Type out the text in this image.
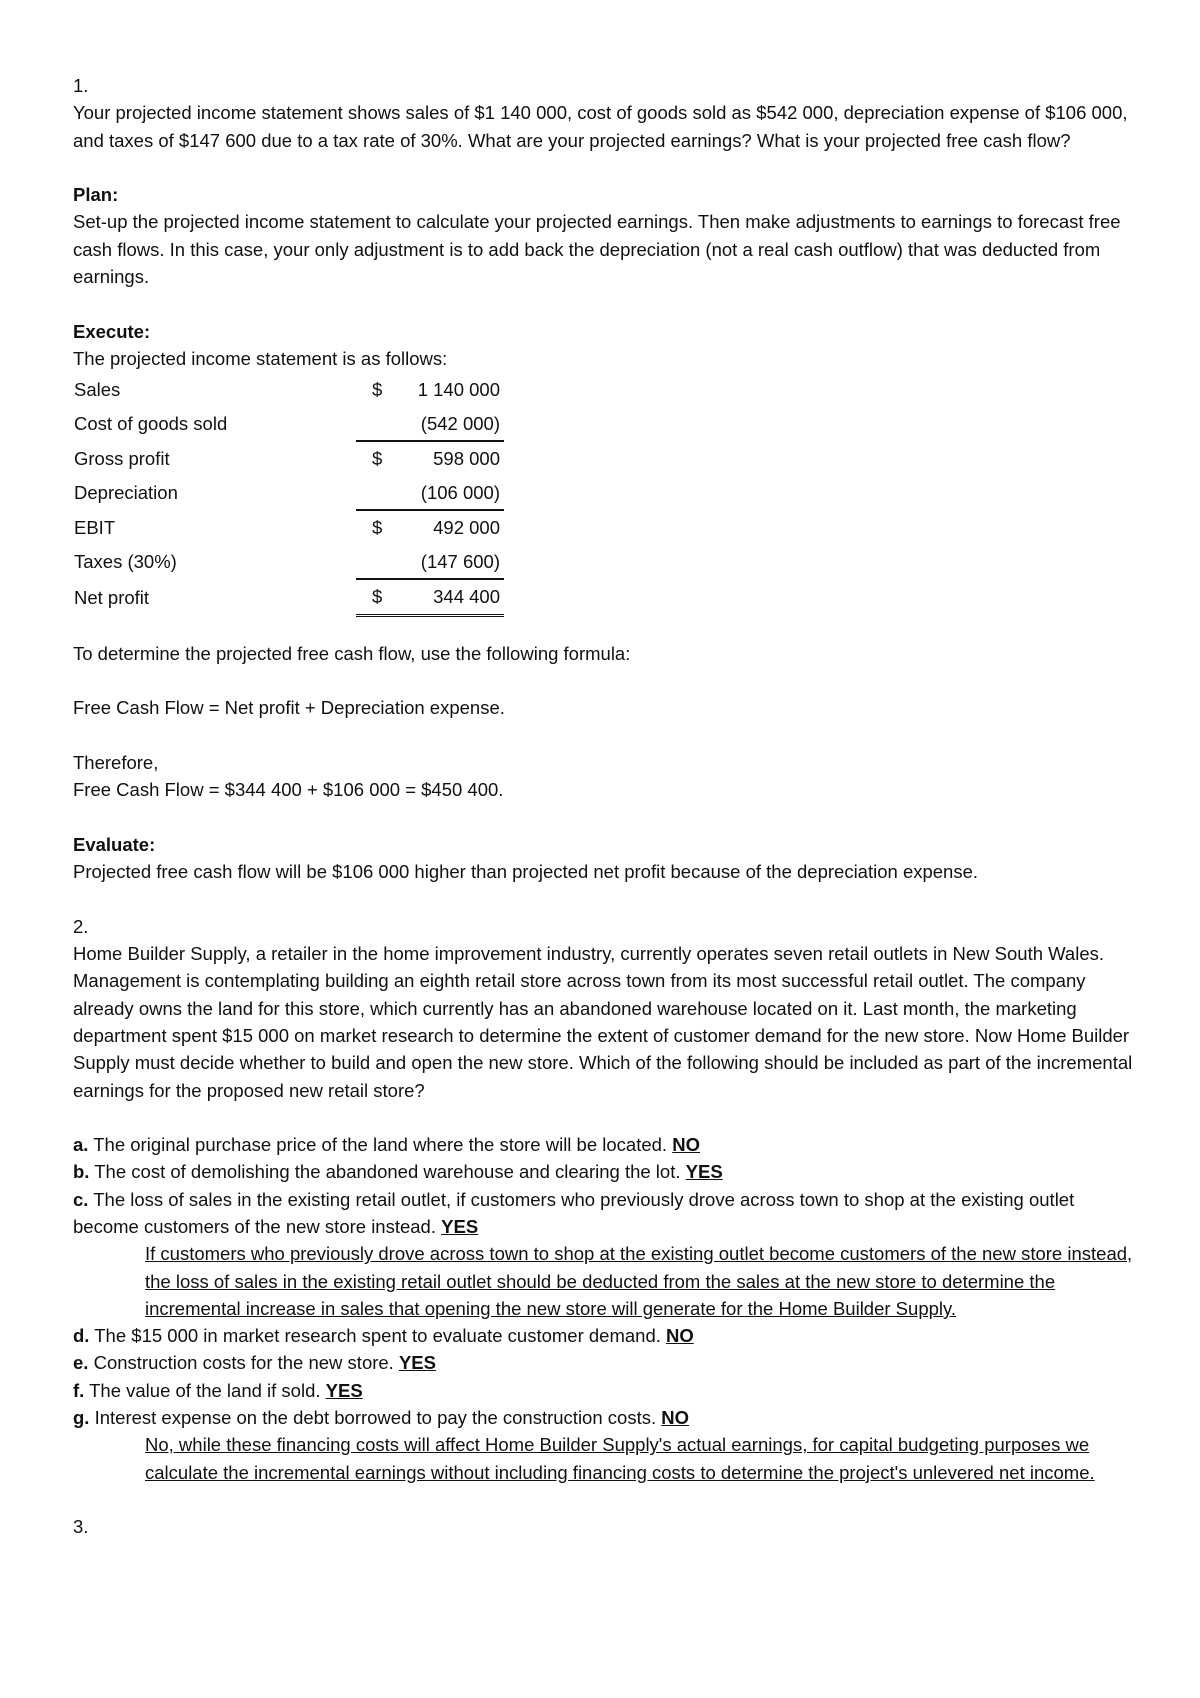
1.

Your projected income statement shows sales of $1 140 000, cost of goods sold as $542 000, depreciation expense of $106 000, and taxes of $147 600 due to a tax rate of 30%. What are your projected earnings? What is your projected free cash flow?

Plan:

Set-up the projected income statement to calculate your projected earnings. Then make adjustments to earnings to forecast free cash flows. In this case, your only adjustment is to add back the depreciation (not a real cash outflow) that was deducted from earnings.

Execute:

The projected income statement is as follows:

Sales	$	1 140 000
Cost of goods sold		(542 000)
Gross profit	$	598 000
Depreciation		(106 000)
EBIT	$	492 000
Taxes (30%)		(147 600)
Net profit	$	344 400

To determine the projected free cash flow, use the following formula:

Free Cash Flow = Net profit + Depreciation expense.

Therefore,

Free Cash Flow = $344 400 + $106 000 = $450 400.

Evaluate:

Projected free cash flow will be $106 000 higher than projected net profit because of the depreciation expense.

2.

Home Builder Supply, a retailer in the home improvement industry, currently operates seven retail outlets in New South Wales. Management is contemplating building an eighth retail store across town from its most successful retail outlet. The company already owns the land for this store, which currently has an abandoned warehouse located on it. Last month, the marketing department spent $15 000 on market research to determine the extent of customer demand for the new store. Now Home Builder Supply must decide whether to build and open the new store. Which of the following should be included as part of the incremental earnings for the proposed new retail store?

a. The original purchase price of the land where the store will be located. NO

b. The cost of demolishing the abandoned warehouse and clearing the lot. YES

c. The loss of sales in the existing retail outlet, if customers who previously drove across town to shop at the existing outlet become customers of the new store instead. YES

If customers who previously drove across town to shop at the existing outlet become customers of the new store instead, the loss of sales in the existing retail outlet should be deducted from the sales at the new store to determine the incremental increase in sales that opening the new store will generate for the Home Builder Supply.

d. The $15 000 in market research spent to evaluate customer demand. NO

e. Construction costs for the new store. YES

f. The value of the land if sold. YES

g. Interest expense on the debt borrowed to pay the construction costs. NO

No, while these financing costs will affect Home Builder Supply's actual earnings, for capital budgeting purposes we calculate the incremental earnings without including financing costs to determine the project's unlevered net income.

3.
